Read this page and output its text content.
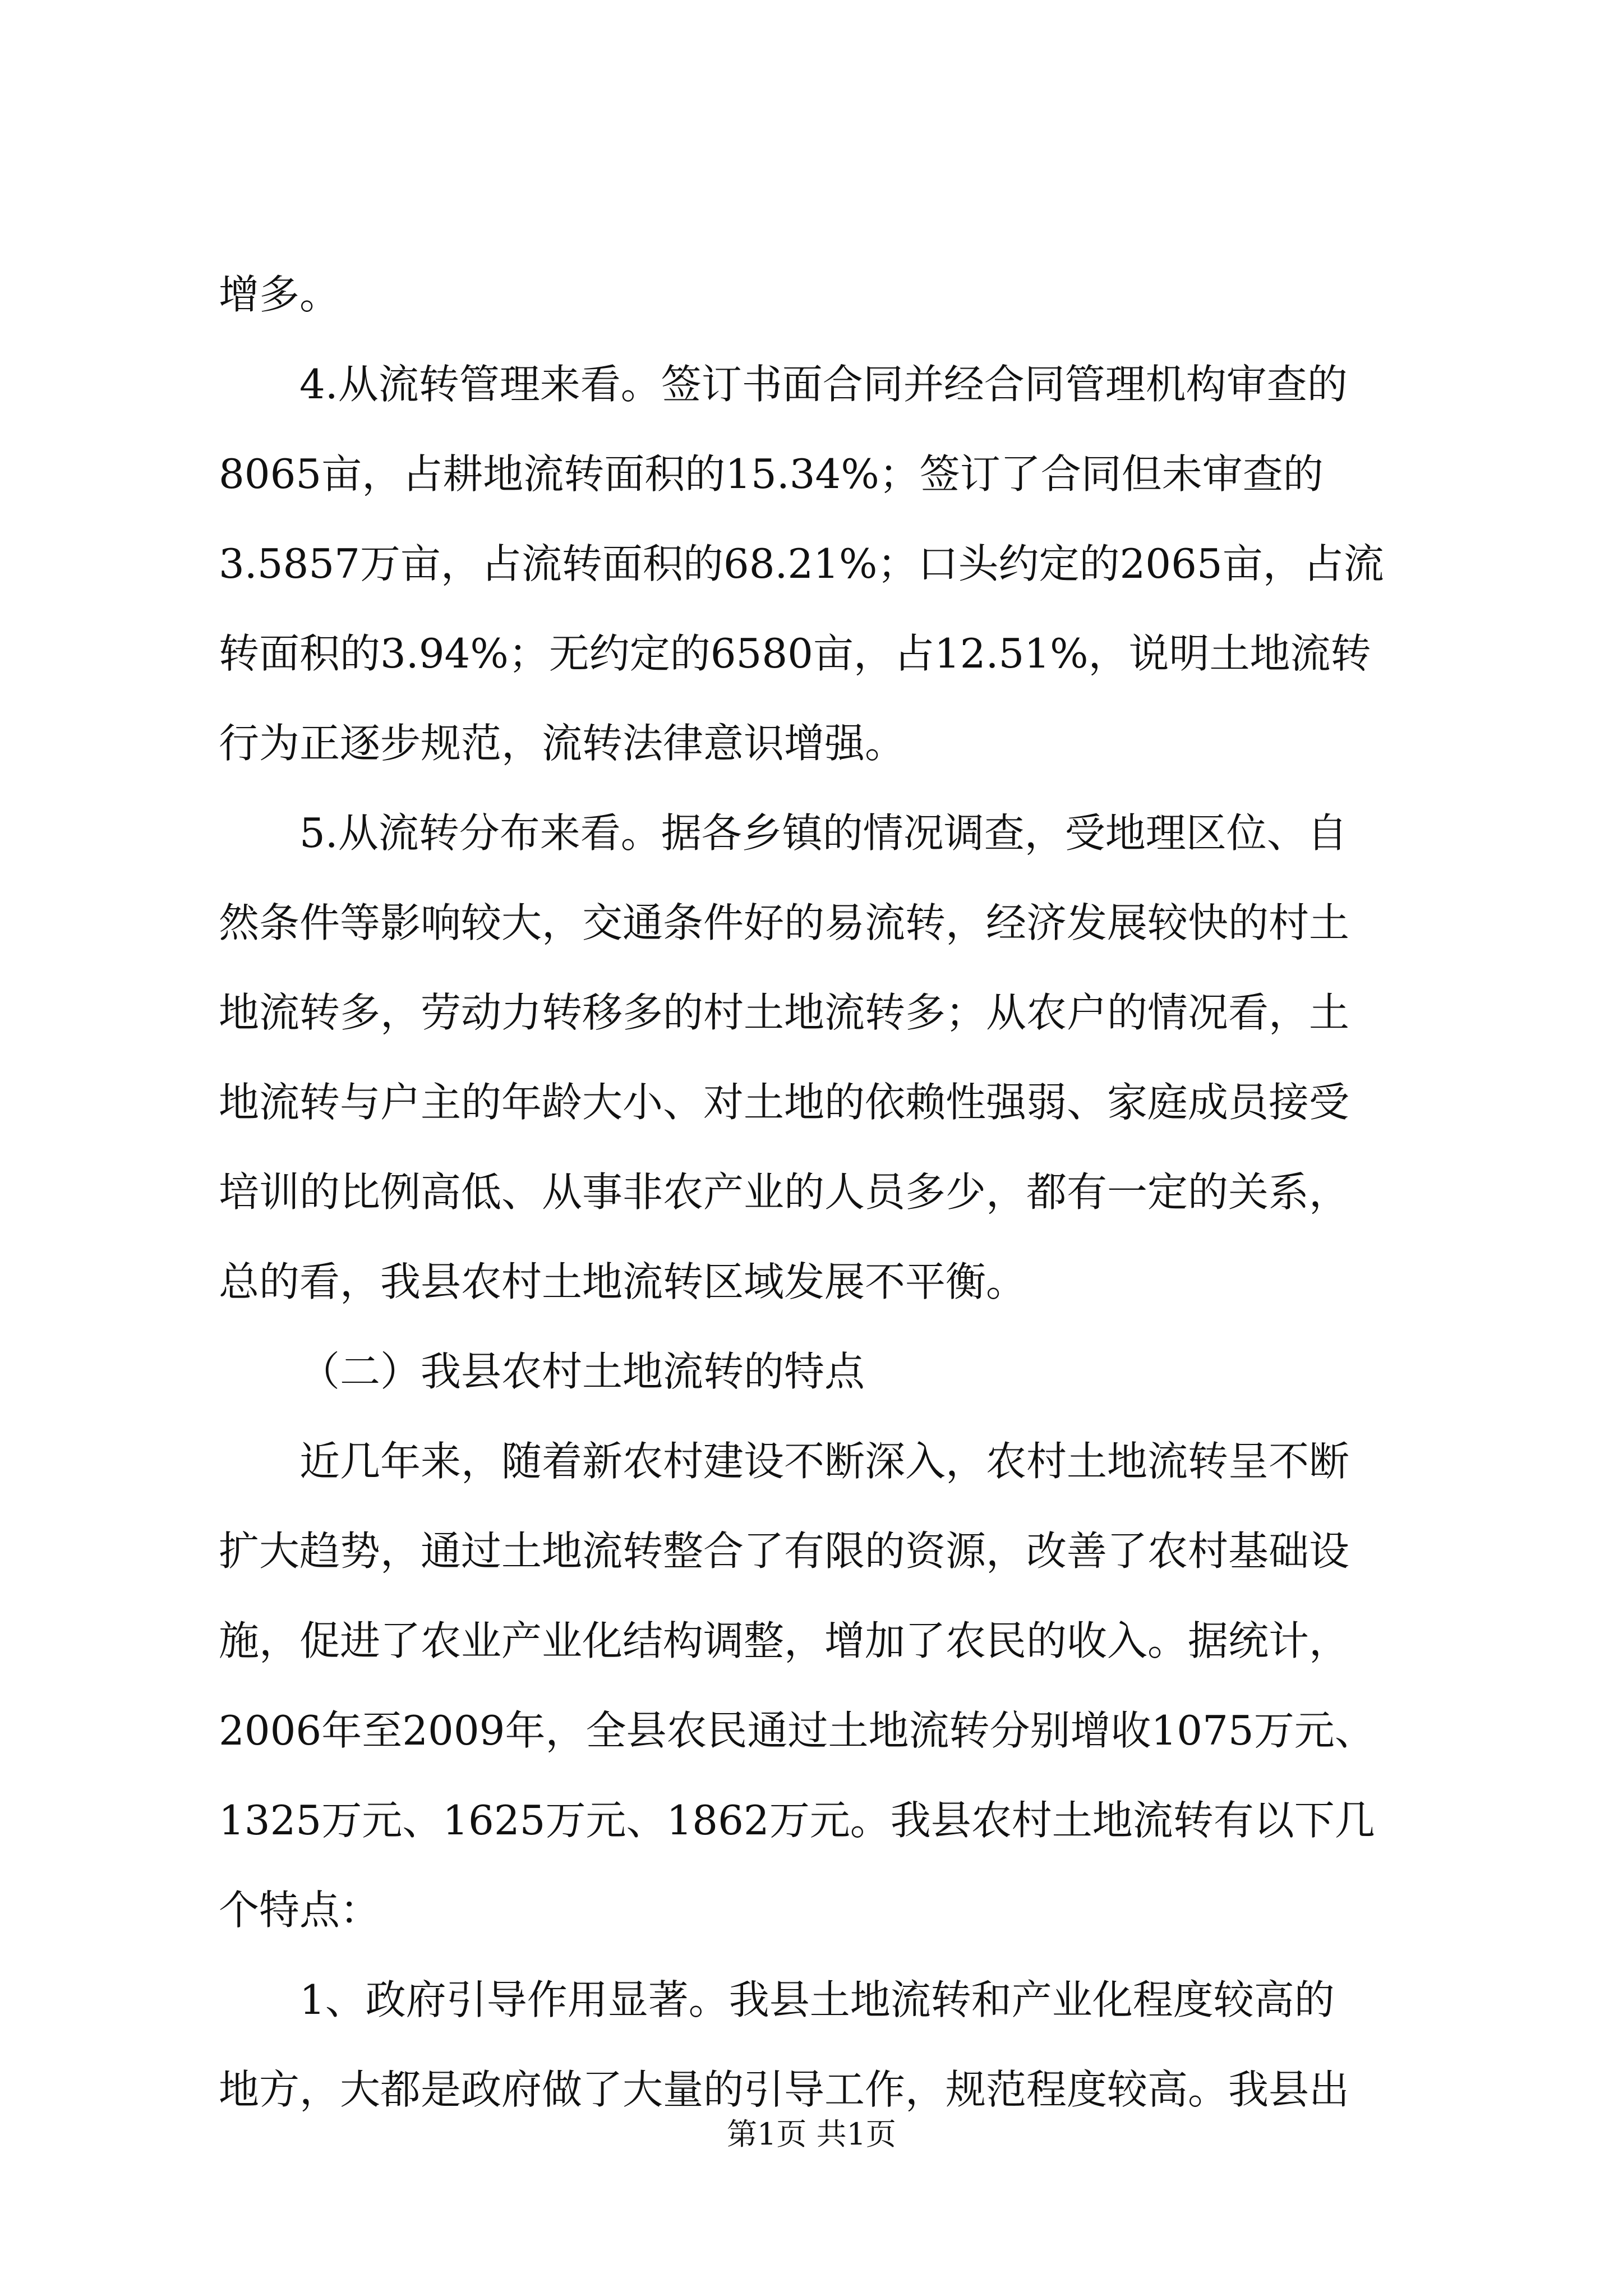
增多。
4.从流转管理来看。签订书面合同并经合同管理机构审查的
8065亩，占耕地流转面积的15.34%；签订了合同但未审查的
3.5857万亩，占流转面积的68.21%；口头约定的2065亩，占流
转面积的3.94%；无约定的6580亩，占12.51%，说明土地流转
行为正逐步规范，流转法律意识增强。
5.从流转分布来看。据各乡镇的情况调查，受地理区位、自
然条件等影响较大，交通条件好的易流转，经济发展较快的村土
地流转多，劳动力转移多的村土地流转多；从农户的情况看，土
地流转与户主的年龄大小、对土地的依赖性强弱、家庭成员接受
培训的比例高低、从事非农产业的人员多少，都有一定的关系，
总的看，我县农村土地流转区域发展不平衡。
（二）我县农村土地流转的特点
近几年来，随着新农村建设不断深入，农村土地流转呈不断
扩大趋势，通过土地流转整合了有限的资源，改善了农村基础设
施，促进了农业产业化结构调整，增加了农民的收入。据统计，
2006年至2009年，全县农民通过土地流转分别增收1075万元、
1325万元、1625万元、1862万元。我县农村土地流转有以下几
个特点：
1、政府引导作用显著。我县土地流转和产业化程度较高的
地方，大都是政府做了大量的引导工作，规范程度较高。我县出
第1页 共1页
